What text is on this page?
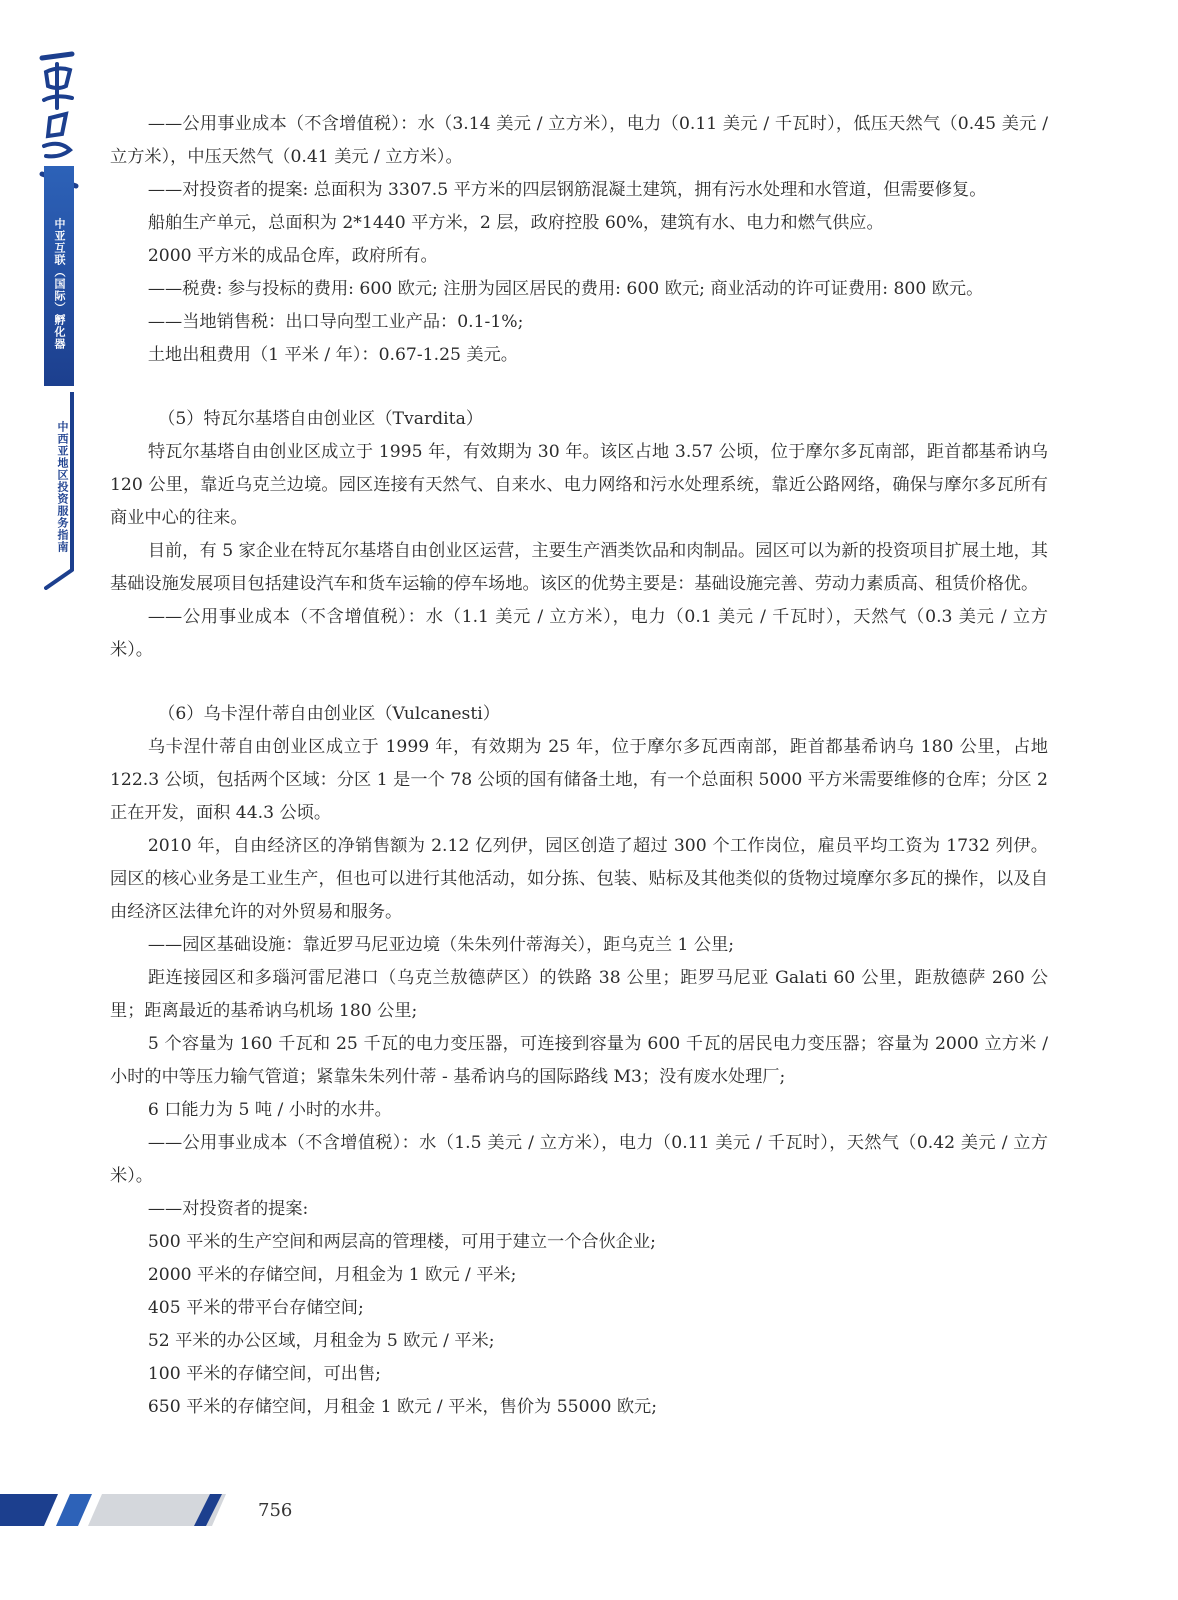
中亚互联（国际）孵化器
中西亚地区投资服务指南

——公用事业成本（不含增值税）：水（3.14 美元 / 立方米），电力（0.11 美元 / 千瓦时），低压天然气（0.45 美元 / 立方米），中压天然气（0.41 美元 / 立方米）。

——对投资者的提案: 总面积为 3307.5 平方米的四层钢筋混凝土建筑，拥有污水处理和水管道，但需要修复。

船舶生产单元，总面积为 2*1440 平方米，2 层，政府控股 60%，建筑有水、电力和燃气供应。

2000 平方米的成品仓库，政府所有。

——税费: 参与投标的费用: 600 欧元; 注册为园区居民的费用: 600 欧元; 商业活动的许可证费用: 800 欧元。

——当地销售税：出口导向型工业产品：0.1-1%;

土地出租费用（1 平米 / 年）：0.67-1.25 美元。

（5）特瓦尔基塔自由创业区（Tvardita）

特瓦尔基塔自由创业区成立于 1995 年，有效期为 30 年。该区占地 3.57 公顷，位于摩尔多瓦南部，距首都基希讷乌 120 公里，靠近乌克兰边境。园区连接有天然气、自来水、电力网络和污水处理系统，靠近公路网络，确保与摩尔多瓦所有商业中心的往来。

目前，有 5 家企业在特瓦尔基塔自由创业区运营，主要生产酒类饮品和肉制品。园区可以为新的投资项目扩展土地，其基础设施发展项目包括建设汽车和货车运输的停车场地。该区的优势主要是：基础设施完善、劳动力素质高、租赁价格优。

——公用事业成本（不含增值税）：水（1.1 美元 / 立方米），电力（0.1 美元 / 千瓦时），天然气（0.3 美元 / 立方米）。

（6）乌卡涅什蒂自由创业区（Vulcanesti）

乌卡涅什蒂自由创业区成立于 1999 年，有效期为 25 年，位于摩尔多瓦西南部，距首都基希讷乌 180 公里，占地 122.3 公顷，包括两个区域：分区 1 是一个 78 公顷的国有储备土地，有一个总面积 5000 平方米需要维修的仓库；分区 2 正在开发，面积 44.3 公顷。

2010 年，自由经济区的净销售额为 2.12 亿列伊，园区创造了超过 300 个工作岗位，雇员平均工资为 1732 列伊。园区的核心业务是工业生产，但也可以进行其他活动，如分拣、包装、贴标及其他类似的货物过境摩尔多瓦的操作，以及自由经济区法律允许的对外贸易和服务。

——园区基础设施：靠近罗马尼亚边境（朱朱列什蒂海关），距乌克兰 1 公里;

距连接园区和多瑙河雷尼港口（乌克兰敖德萨区）的铁路 38 公里；距罗马尼亚 Galati 60 公里，距敖德萨 260 公里；距离最近的基希讷乌机场 180 公里;

5 个容量为 160 千瓦和 25 千瓦的电力变压器，可连接到容量为 600 千瓦的居民电力变压器；容量为 2000 立方米 / 小时的中等压力输气管道；紧靠朱朱列什蒂 - 基希讷乌的国际路线 M3；没有废水处理厂;

6 口能力为 5 吨 / 小时的水井。

——公用事业成本（不含增值税）：水（1.5 美元 / 立方米），电力（0.11 美元 / 千瓦时），天然气（0.42 美元 / 立方米）。

——对投资者的提案:

500 平米的生产空间和两层高的管理楼，可用于建立一个合伙企业;

2000 平米的存储空间，月租金为 1 欧元 / 平米;

405 平米的带平台存储空间;

52 平米的办公区域，月租金为 5 欧元 / 平米;

100 平米的存储空间，可出售;

650 平米的存储空间，月租金 1 欧元 / 平米，售价为 55000 欧元;

756
